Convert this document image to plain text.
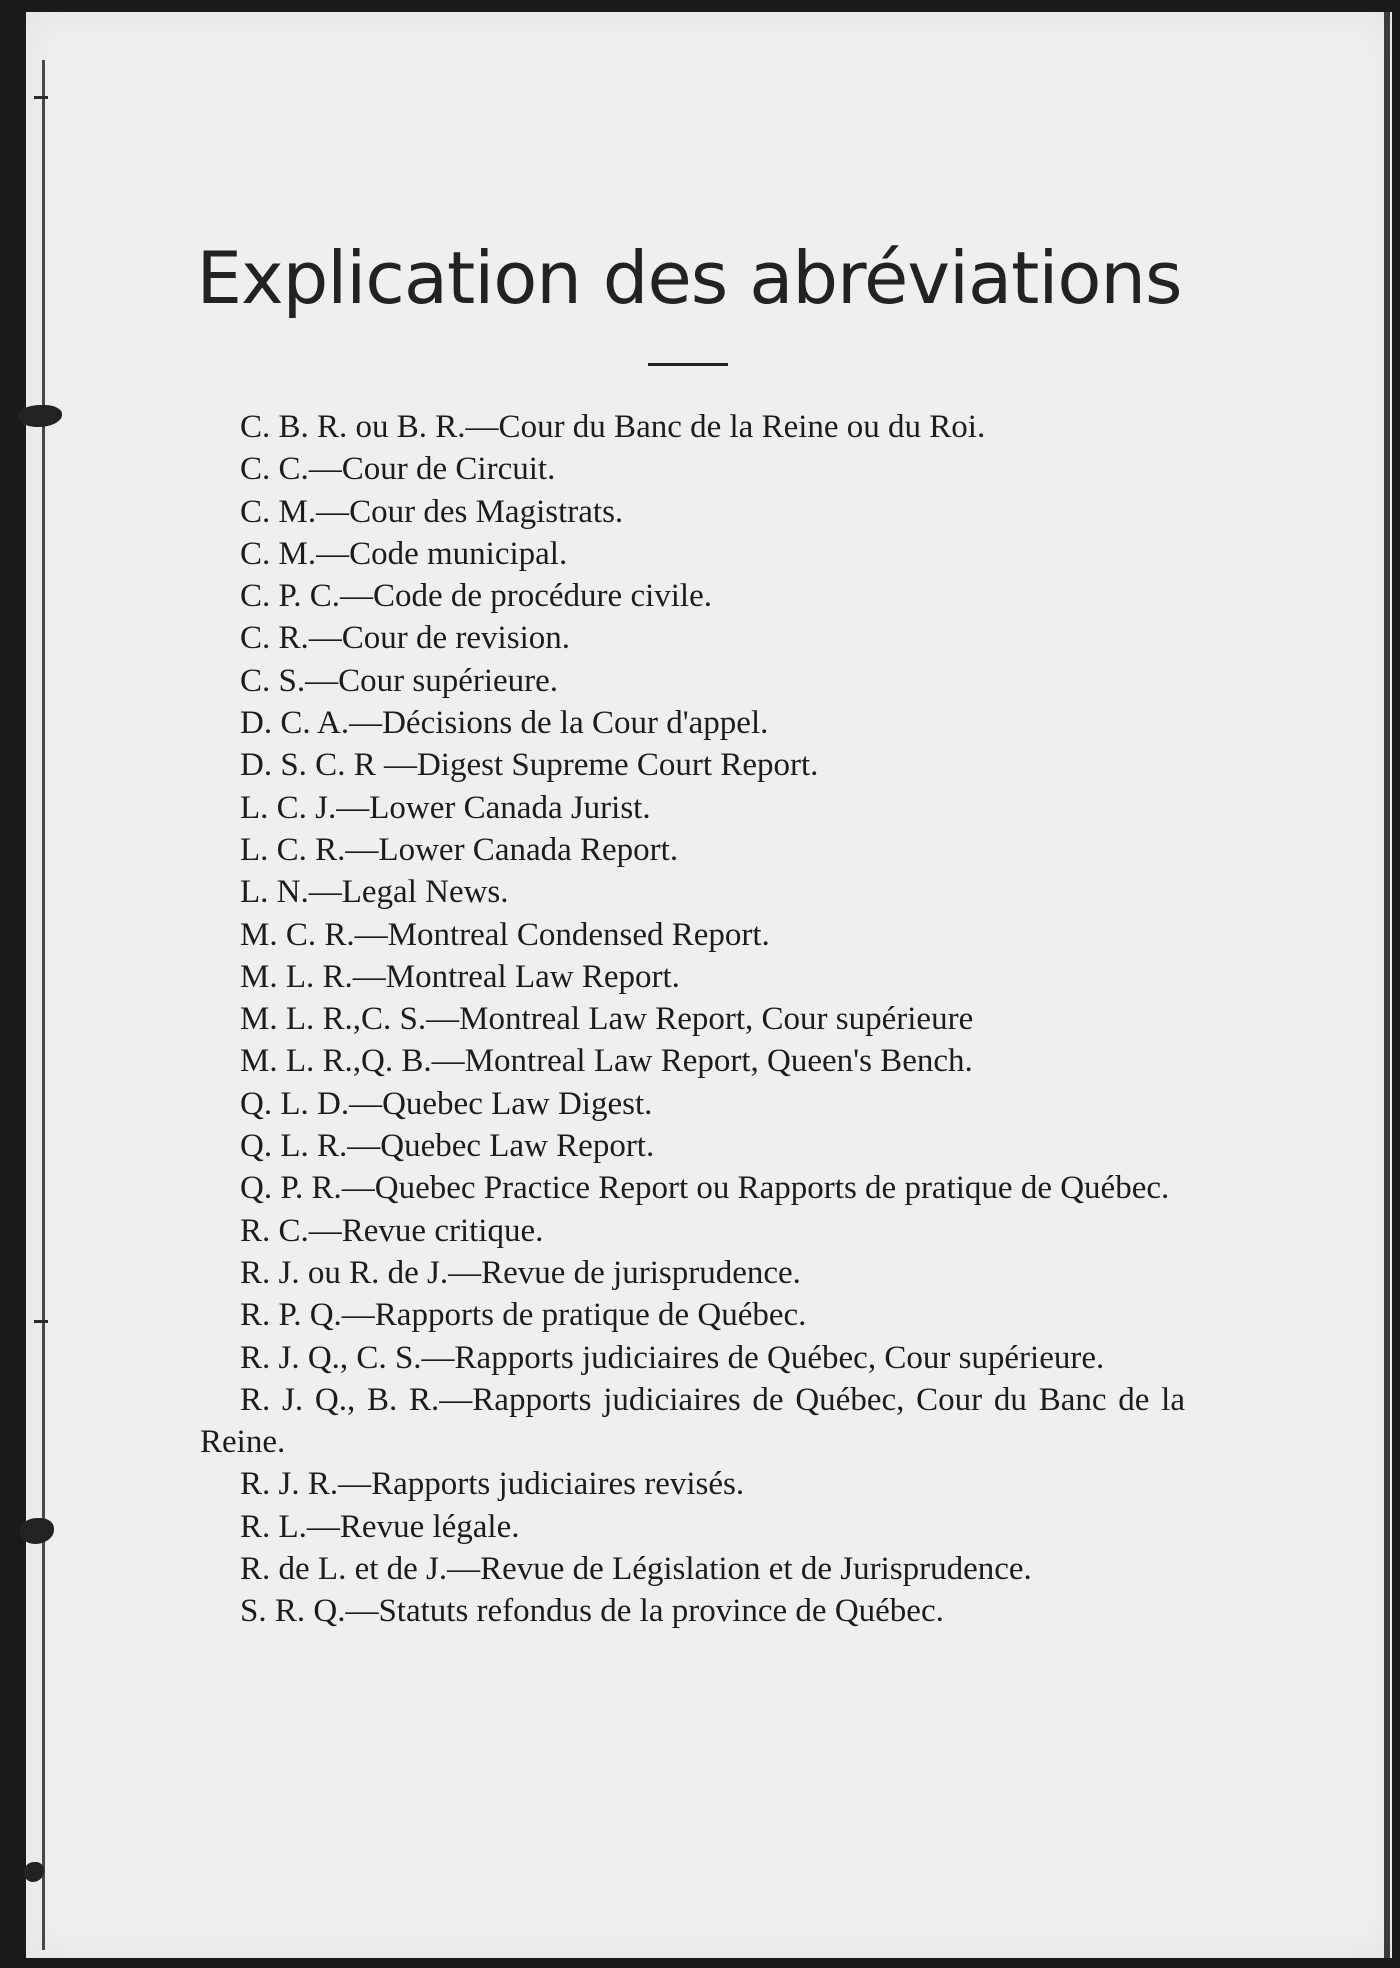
Explication des abréviations

C. B. R. ou B. R.—Cour du Banc de la Reine ou du Roi.

C. C.—Cour de Circuit.

C. M.—Cour des Magistrats.

C. M.—Code municipal.

C. P. C.—Code de procédure civile.

C. R.—Cour de revision.

C. S.—Cour supérieure.

D. C. A.—Décisions de la Cour d'appel.

D. S. C. R —Digest Supreme Court Report.

L. C. J.—Lower Canada Jurist.

L. C. R.—Lower Canada Report.

L. N.—Legal News.

M. C. R.—Montreal Condensed Report.

M. L. R.—Montreal Law Report.

M. L. R.,C. S.—Montreal Law Report, Cour supérieure

M. L. R.,Q. B.—Montreal Law Report, Queen's Bench.

Q. L. D.—Quebec Law Digest.

Q. L. R.—Quebec Law Report.

Q. P. R.—Quebec Practice Report ou Rapports de pratique de Québec.

R. C.—Revue critique.

R. J. ou R. de J.—Revue de jurisprudence.

R. P. Q.—Rapports de pratique de Québec.

R. J. Q., C. S.—Rapports judiciaires de Québec, Cour supérieure.

R. J. Q., B. R.—Rapports judiciaires de Québec, Cour du Banc de la Reine.

R. J. R.—Rapports judiciaires revisés.

R. L.—Revue légale.

R. de L. et de J.—Revue de Législation et de Jurisprudence.

S. R. Q.—Statuts refondus de la province de Québec.
